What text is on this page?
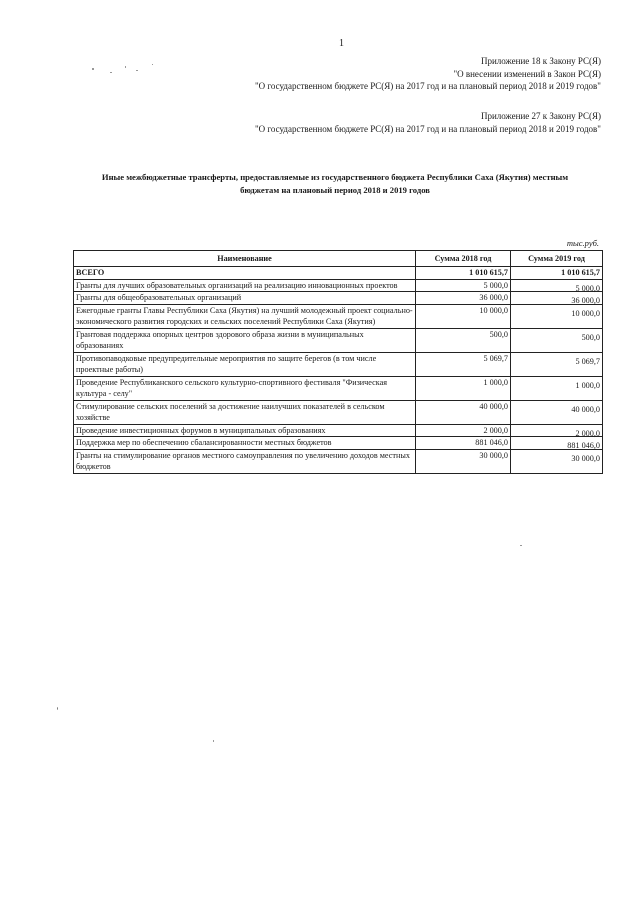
1
Приложение 18 к Закону РС(Я)
"О внесении изменений в Закон РС(Я)
"О государственном бюджете РС(Я) на 2017 год и на плановый период 2018 и 2019 годов"
Приложение 27 к Закону РС(Я)
"О государственном бюджете РС(Я) на 2017 год и на плановый период 2018 и 2019 годов"
Иные межбюджетные трансферты, предоставляемые из государственного бюджета Республики Саха (Якутия) местным
бюджетам на плановый период 2018 и 2019 годов
тыс.руб.
Наименование	Сумма 2018 год	Сумма 2019 год
ВСЕГО	1 010 615,7	1 010 615,7
Гранты для лучших образовательных организаций на реализацию инновационных проектов	5 000,0	5 000,0
Гранты для общеобразовательных организаций	36 000,0	36 000,0
Ежегодные гранты Главы Республики Саха (Якутия) на лучший молодежный проект социально-экономического развития городских и сельских поселений Республики Саха (Якутия)	10 000,0	10 000,0
Грантовая поддержка опорных центров здорового образа жизни в муниципальных образованиях	500,0	500,0
Противопаводковые предупредительные мероприятия по защите берегов (в том числе проектные работы)	5 069,7	5 069,7
Проведение Республиканского сельского культурно-спортивного фестиваля "Физическая культура - селу"	1 000,0	1 000,0
Стимулирование сельских поселений за достижение наилучших показателей в сельском хозяйстве	40 000,0	40 000,0
Проведение инвестиционных форумов в муниципальных образованиях	2 000,0	2 000,0
Поддержка мер по обеспечению сбалансированности местных бюджетов	881 046,0	881 046,0
Гранты на стимулирование органов местного самоуправления по увеличению доходов местных бюджетов	30 000,0	30 000,0
